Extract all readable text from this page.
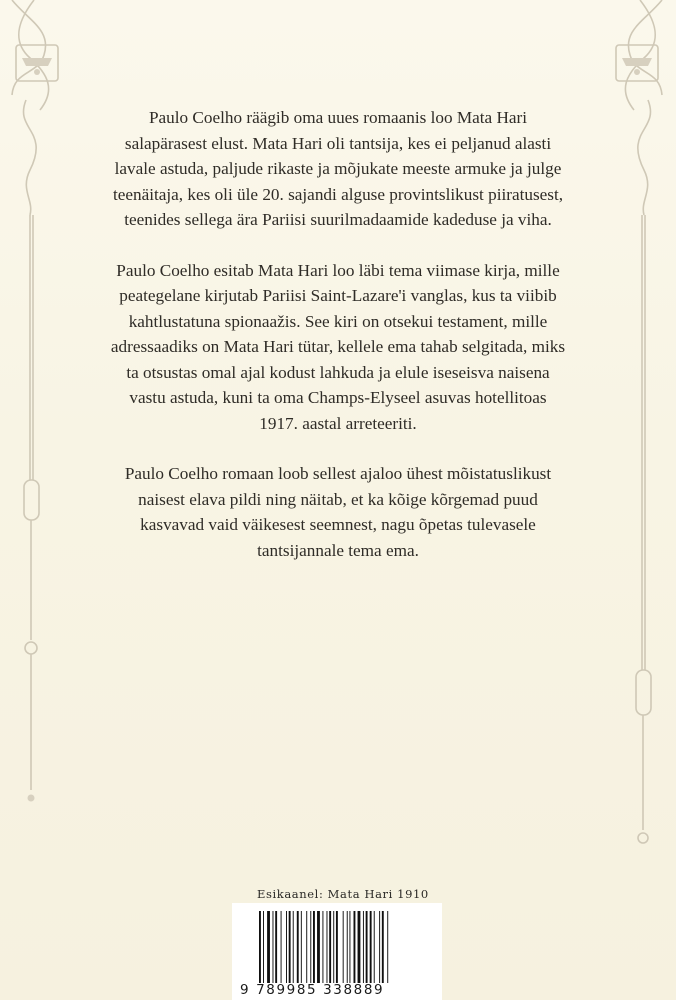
Paulo Coelho räägib oma uues romaanis loo Mata Hari salapärasest elust. Mata Hari oli tantsija, kes ei peljanud alasti lavale astuda, paljude rikaste ja mõjukate meeste armuke ja julge teenäitaja, kes oli üle 20. sajandi alguse provintslikust piiratusest, teenides sellega ära Pariisi suurilmadaamide kadeduse ja viha.

Paulo Coelho esitab Mata Hari loo läbi tema viimase kirja, mille peategelane kirjutab Pariisi Saint-Lazare'i vanglas, kus ta viibib kahtlustatuna spionaažis. See kiri on otsekui testament, mille adressaadiks on Mata Hari tütar, kellele ema tahab selgitada, miks ta otsustas omal ajal kodust lahkuda ja elule iseseisva naisena vastu astuda, kuni ta oma Champs-Elyseel asuvas hotellitoas 1917. aastal arreteeriti.

Paulo Coelho romaan loob sellest ajaloo ühest mõistatuslikust naisest elava pildi ning näitab, et ka kõige kõrgemad puud kasvavad vaid väikesest seemnest, nagu õpetas tulevasele tantsijannale tema ema.

Esikaanel: Mata Hari 1910
9 789985 338889
